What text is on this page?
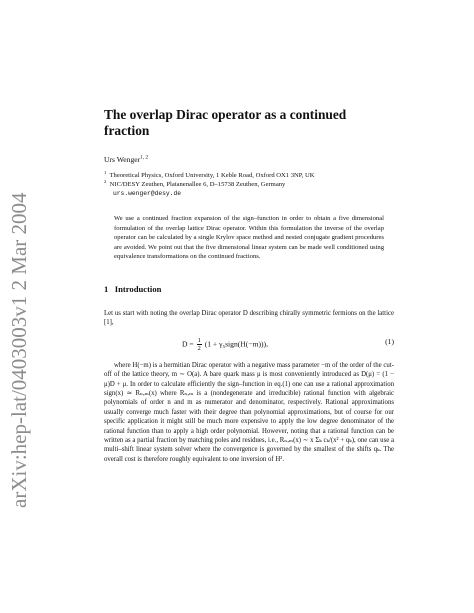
arXiv:hep-lat/0403003v1 2 Mar 2004
The overlap Dirac operator as a continued fraction
Urs Wenger$^{1, 2}$
$^1$ Theoretical Physics, Oxford University, 1 Keble Road, Oxford OX1 3NP, UK
$^2$ NIC/DESY Zeuthen, Platanenallee 6, D–15738 Zeuthen, Germany
urs.wenger@desy.de

We use a continued fraction expansion of the sign–function in order to obtain a five dimensional formulation of the overlap lattice Dirac operator. Within this formulation the inverse of the overlap operator can be calculated by a single Krylov space method and nested conjugate gradient procedures are avoided. We point out that the five dimensional linear system can be made well conditioned using equivalence transformations on the continued fractions.

1 Introduction

Let us start with noting the overlap Dirac operator D describing chirally symmetric fermions on the lattice [1],

$D = \frac{1}{2} (1$ + γ₅sign(H(−m))),	(1)

where H(−m) is a hermitian Dirac operator with a negative mass parameter −m of the order of the cut-off of the lattice theory, m ∼ O(a). A bare quark mass μ is most conveniently introduced as D(μ) = (1 − μ)D + μ. In order to calculate efficiently the sign–function in eq.(1) one can use a rational approximation sign(x) ≃ Rₙ,ₘ(x) where Rₙ,ₘ is a (nondegenerate and irreducible) rational function with algebraic polynomials of order n and m as numerator and denominator, respectively. Rational approximations usually converge much faster with their degree than polynomial approximations, but of course for our specific application it might still be much more expensive to apply the low degree denominator of the rational function than to apply a high order polynomial. However, noting that a rational function can be written as a partial fraction by matching poles and residues, i.e., Rₙ,ₘ(x) ∼ x Σₖ cₖ/(x² + qₖ), one can use a multi–shift linear system solver where the convergence is governed by the smallest of the shifts qₖ. The overall cost is therefore roughly equivalent to one inversion of H².
